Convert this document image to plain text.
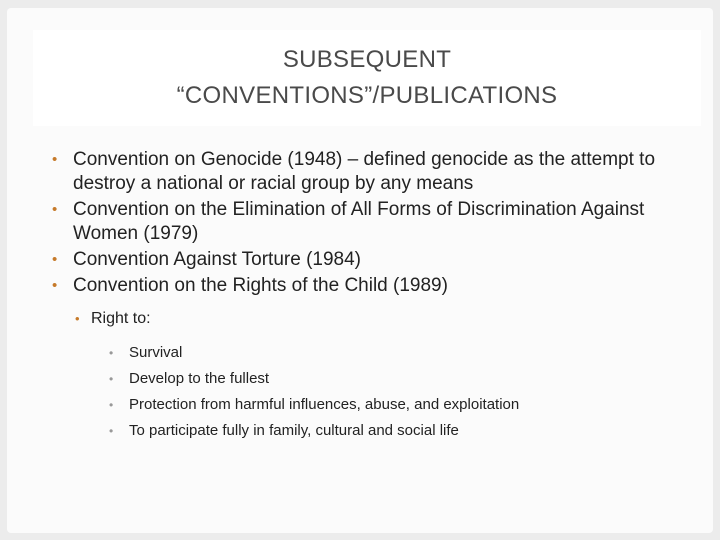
SUBSEQUENT
“CONVENTIONS”/PUBLICATIONS
• Convention on Genocide (1948) – defined genocide as the attempt to destroy a national or racial group by any means
• Convention on the Elimination of All Forms of Discrimination Against Women (1979)
• Convention Against Torture (1984)
• Convention on the Rights of the Child (1989)
• Right to:
• Survival
• Develop to the fullest
• Protection from harmful influences, abuse, and exploitation
• To participate fully in family, cultural and social life
